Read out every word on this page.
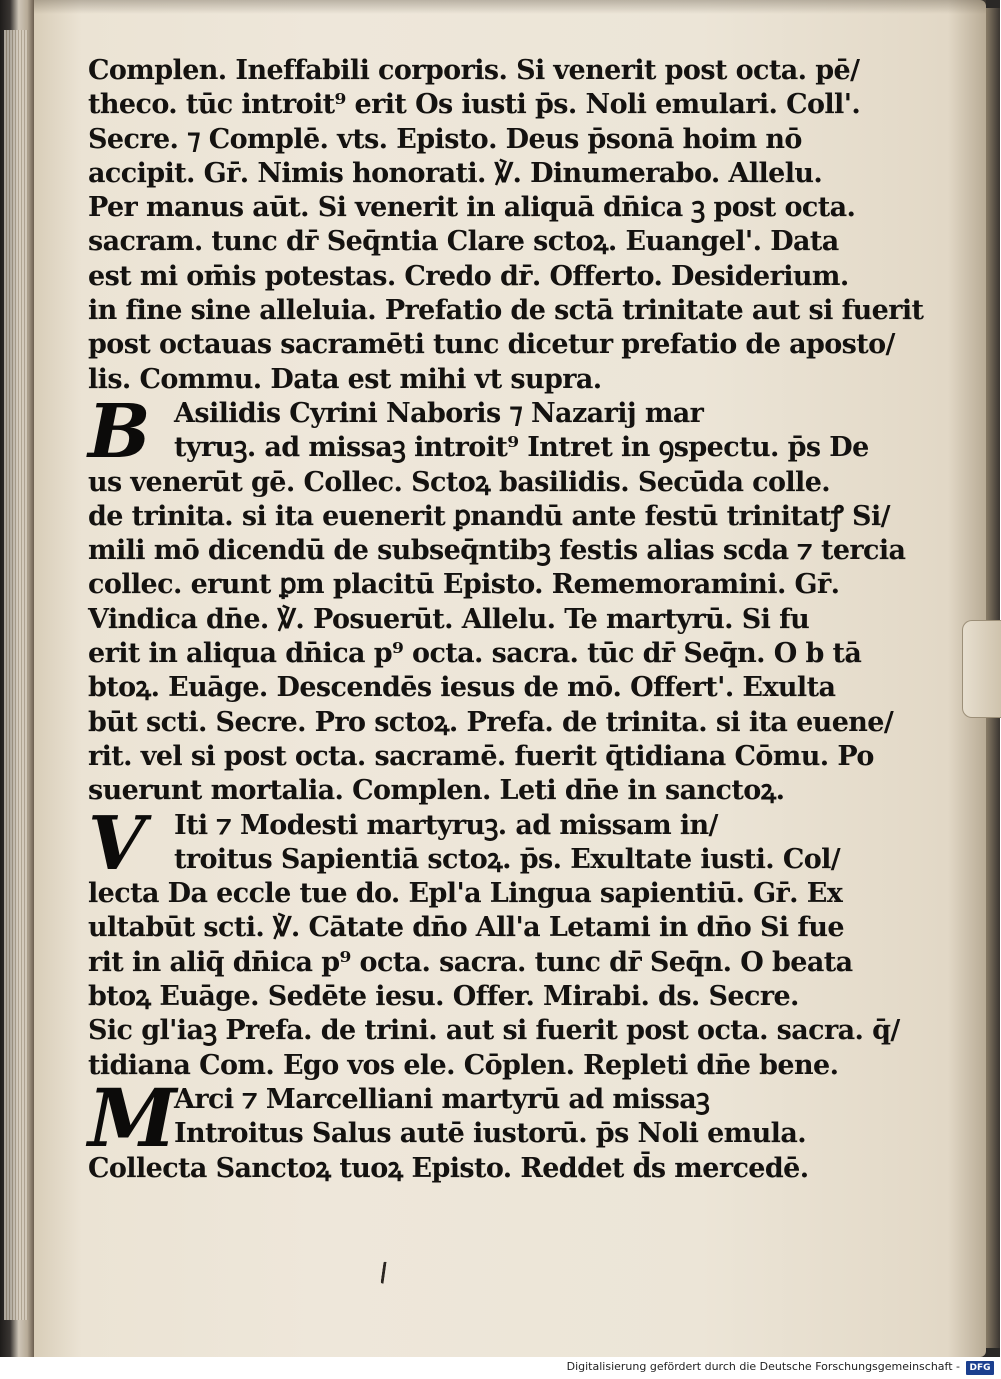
Complen. Ineffabili corporis. Si venerit post octa. pē/
theco. tūc introit⁹ erit Os iusti p̄s. Noli emulari. Coll'.
Secre. ⁊ Complē. vts. Epistο. Deus p̄sonā hoim nō
accipit. Gr̄. Nimis honorati. ℣. Dinumerabo. Allelu.
Per manus aūt. Si venerit in aliquā dn̄ica ꝫ post octa.
sacram. tunc dr̄ Seq̄ntia Clare sctoꝝ. Euangel'. Data
est mi om̄is potestas. Credo dr̄. Offerto. Desiderium.
in fine sine alleluia. Prefatio de sctā trinitate aut si fuerit
post octauas sacramēti tunc dicetur prefatio de aposto/
lis. Commu. Data est mihi vt supra.
B Asilidis Cyrini Naboris ⁊ Nazarij mar
tyruꝫ. ad missaꝫ introit⁹ Intret in ꝯspectu. p̄s De
us venerūt gē. Collec. Sctoꝝ basilidis. Secūda colle.
de trinita. si ita euenerit ꝑnandū ante festū trinitatꝭ Si/
mili mō dicendū de subseq̄ntibꝫ festis alias scda ⁊ tercia
collec. erunt ꝑm placitū Episto. Rememoramini. Gr̄.
Vindica dn̄e. ℣. Posuerūt. Allelu. Te martyrū. Si fu
erit in aliqua dn̄ica p⁹ octa. sacra. tūc dr̄ Seq̄n. O b tā
btoꝝ. Euāge. Descendēs iesus de mō. Offert'. Exulta
būt scti. Secre. Pro sctoꝝ. Prefa. de trinita. si ita euene/
rit. vel si post octa. sacramē. fuerit q̄tidiana Cōmu. Po
suerunt mortalia. Complen. Leti dn̄e in sanctoꝝ.
V	Iti ⁊ Modesti martyruꝫ. ad missam in/
troitus Sapientiā sctoꝝ. p̄s. Exultate iusti. Col/
lecta Da eccle tue do. Epl'a Lingua sapientiū. Gr̄. Ex
ultabūt scti. ℣. Cātate dn̄o All'a Letami in dn̄o Si fue
rit in aliq̄ dn̄ica p⁹ octa. sacra. tunc dr̄ Seq̄n. O beata
btoꝝ Euāge. Sedēte iesu. Offer. Mirabi. ds. Secre.
Sic gl'iaꝫ Prefa. de trini. aut si fuerit post octa. sacra. q̄/
tidiana Com. Ego vos ele. Cōplen. Repleti dn̄e bene.
M
Arci ⁊ Marcelliani martyrū ad missaꝫ
Introitus Salus autē iustorū. p̄s Noli emula.
Collecta Sanctoꝝ tuoꝝ Episto. Reddet d̄s mercedē.
Digitalisierung gefördert durch die Deutsche Forschungsgemeinschaft -	DFG
